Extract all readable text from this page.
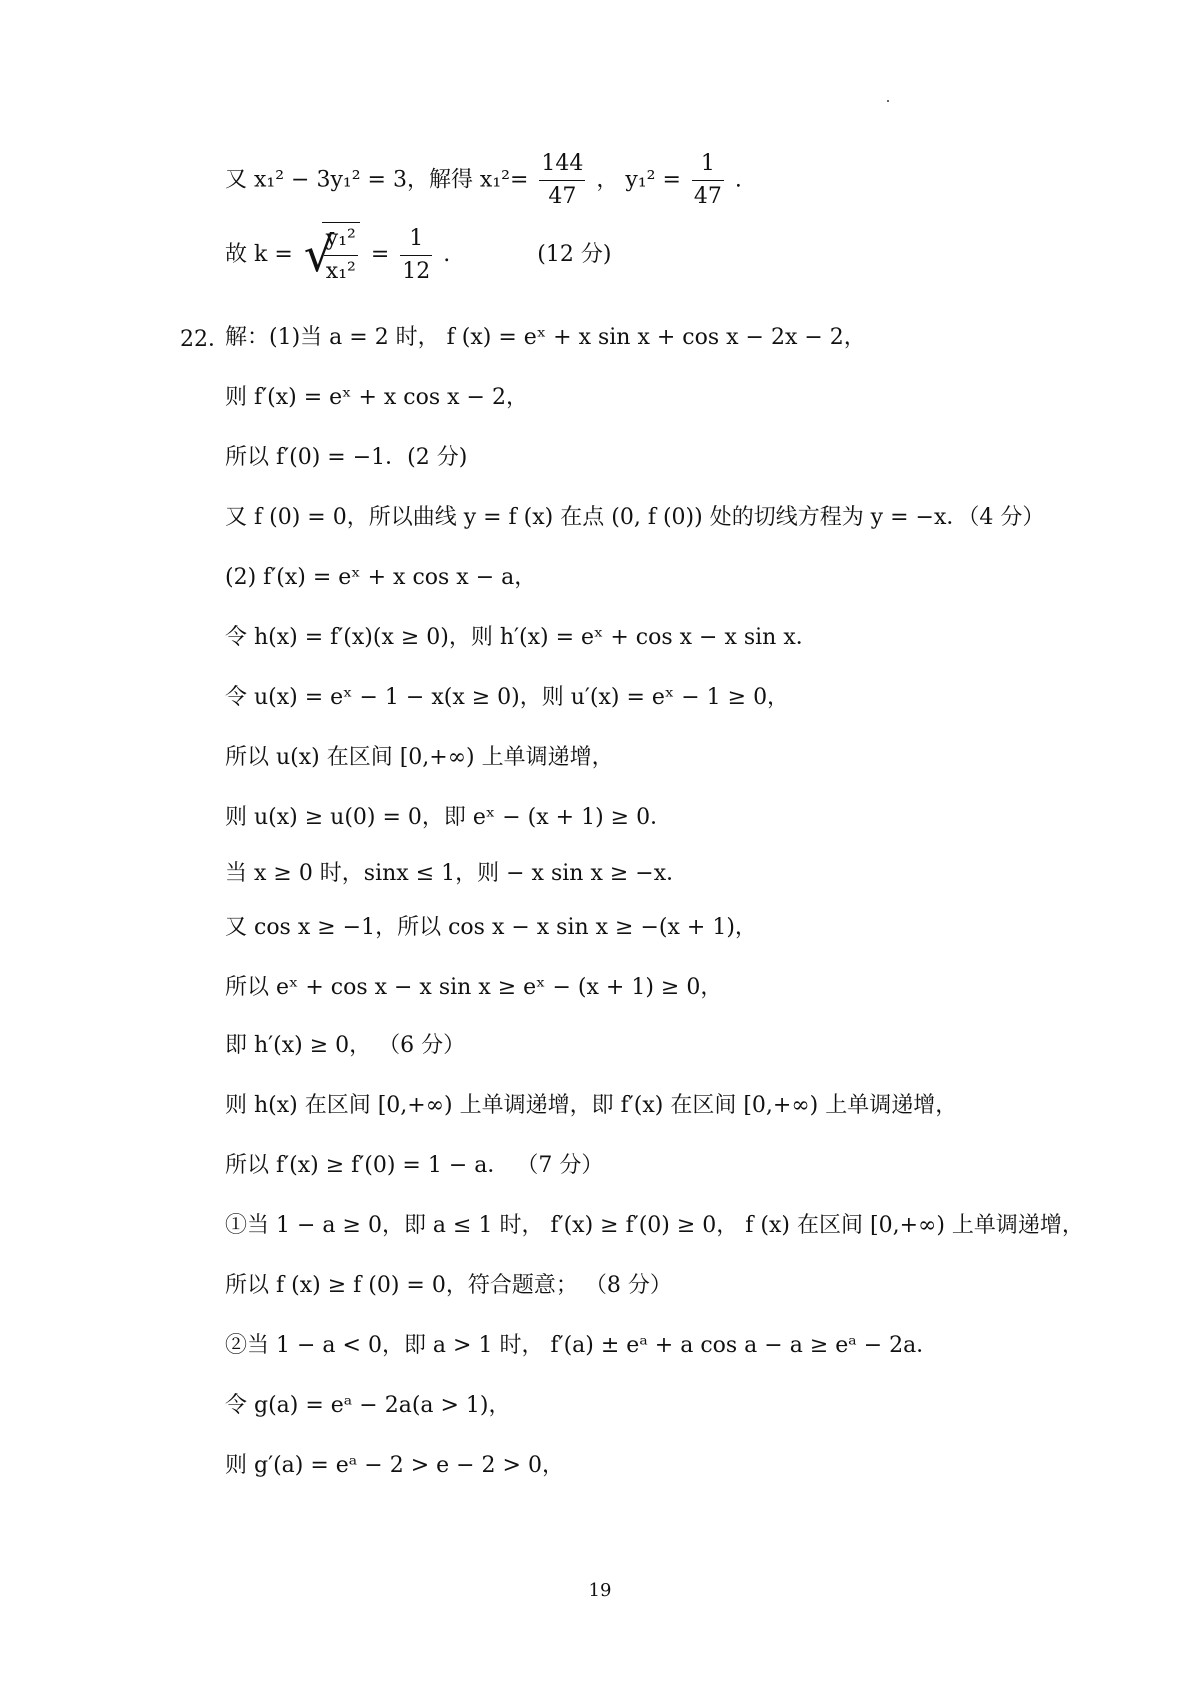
又 x₁² − 3y₁² = 3，解得 $x_1^2= \frac{144}{47}$ ， $y_1^2 = \frac{1}{47}$ .
故 k = √
$\frac{\text{y₁²}}{\text{x₁²}} = \frac{1}{12}$ .	(12 分)
22．
解：(1)当 a = 2 时， f (x) = eˣ + x sin x + cos x − 2x − 2，
则 f′(x) = eˣ + x cos x − 2，
所以 f′(0) = −1．(2 分)
又 f (0) = 0，所以曲线 y = f (x) 在点 (0, f (0)) 处的切线方程为 y = −x．（4 分）
(2) f′(x) = eˣ + x cos x − a，
令 h(x) = f′(x)(x ≥ 0)，则 h′(x) = eˣ + cos x − x sin x．
令 u(x) = eˣ − 1 − x(x ≥ 0)，则 u′(x) = eˣ − 1 ≥ 0，
所以 u(x) 在区间 [0,+∞) 上单调递增，
则 u(x) ≥ u(0) = 0，即 eˣ − (x + 1) ≥ 0．
当 x ≥ 0 时，sinx ≤ 1，则 − x sin x ≥ −x．
又 cos x ≥ −1，所以 cos x − x sin x ≥ −(x + 1)，
所以 eˣ + cos x − x sin x ≥ eˣ − (x + 1) ≥ 0，
即 h′(x) ≥ 0， （6 分）
则 h(x) 在区间 [0,+∞) 上单调递增，即 f′(x) 在区间 [0,+∞) 上单调递增，
所以 f′(x) ≥ f′(0) = 1 − a． （7 分）
①当 1 − a ≥ 0，即 a ≤ 1 时， f′(x) ≥ f′(0) ≥ 0， f (x) 在区间 [0,+∞) 上单调递增，
所以 f (x) ≥ f (0) = 0，符合题意； （8 分）
②当 1 − a < 0，即 a > 1 时， f′(a) ± eᵃ + a cos a − a ≥ eᵃ − 2a．
令 g(a) = eᵃ − 2a(a > 1)，
则 g′(a) = eᵃ − 2 > e − 2 > 0，
19
